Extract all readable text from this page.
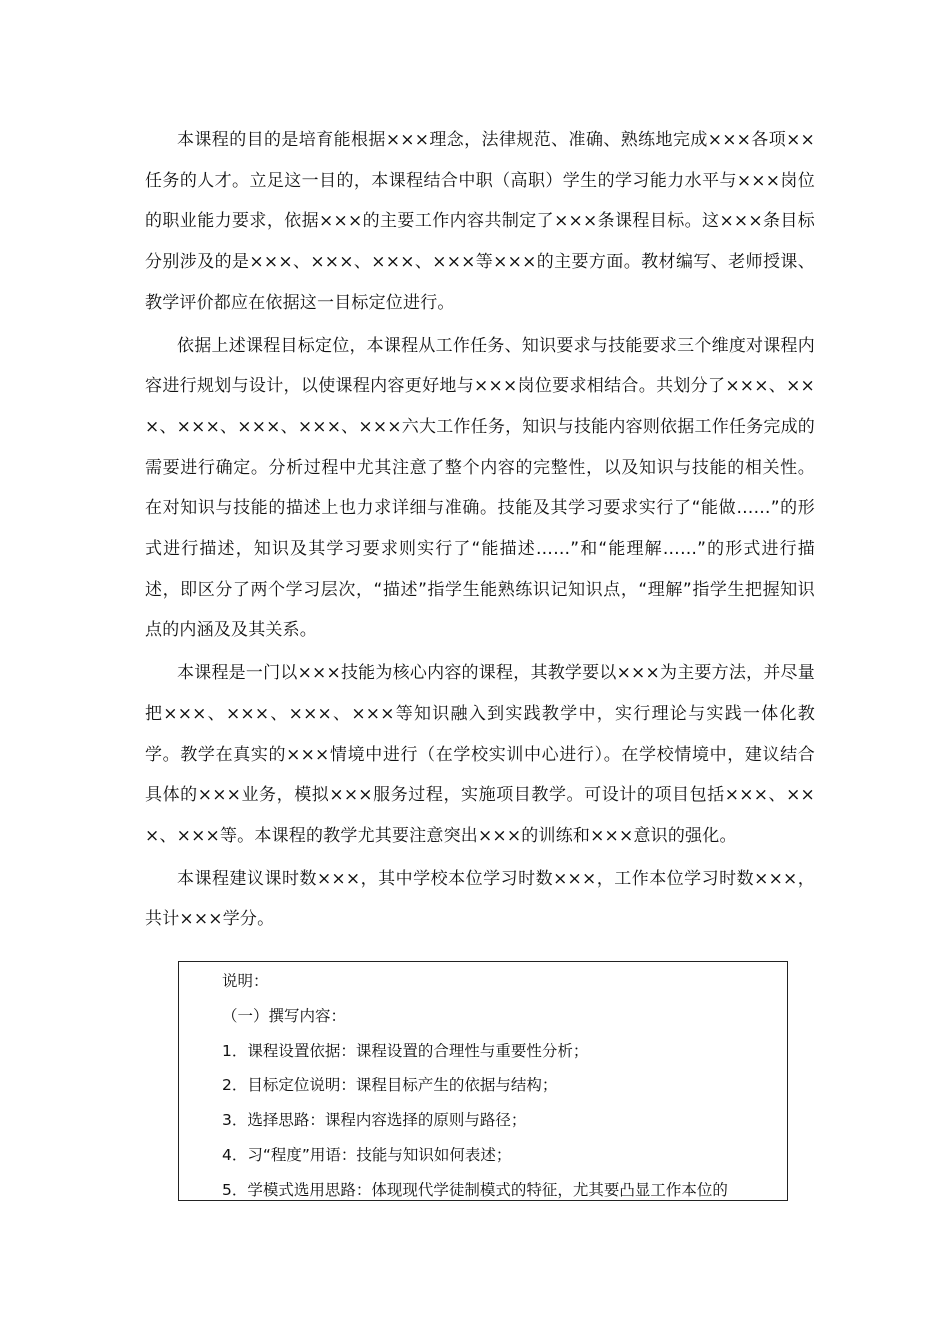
本课程的目的是培育能根据×××理念，法律规范、准确、熟练地完成×××各项××任务的人才。立足这一目的，本课程结合中职（高职）学生的学习能力水平与×××岗位的职业能力要求，依据×××的主要工作内容共制定了×××条课程目标。这×××条目标分别涉及的是×××、×××、×××、×××等×××的主要方面。教材编写、老师授课、教学评价都应在依据这一目标定位进行。

依据上述课程目标定位，本课程从工作任务、知识要求与技能要求三个维度对课程内容进行规划与设计，以使课程内容更好地与×××岗位要求相结合。共划分了×××、×××、×××、×××、×××、×××六大工作任务，知识与技能内容则依据工作任务完成的需要进行确定。分析过程中尤其注意了整个内容的完整性，以及知识与技能的相关性。在对知识与技能的描述上也力求详细与准确。技能及其学习要求实行了“能做……”的形式进行描述，知识及其学习要求则实行了“能描述……”和“能理解……”的形式进行描述，即区分了两个学习层次，“描述”指学生能熟练识记知识点，“理解”指学生把握知识点的内涵及及其关系。

本课程是一门以×××技能为核心内容的课程，其教学要以×××为主要方法，并尽量把×××、×××、×××、×××等知识融入到实践教学中，实行理论与实践一体化教学。教学在真实的×××情境中进行（在学校实训中心进行）。在学校情境中，建议结合具体的×××业务，模拟×××服务过程，实施项目教学。可设计的项目包括×××、×××、×××等。本课程的教学尤其要注意突出×××的训练和×××意识的强化。

本课程建议课时数×××，其中学校本位学习时数×××，工作本位学习时数×××，共计×××学分。

说明：
（一）撰写内容：
1．课程设置依据：课程设置的合理性与重要性分析；
2．目标定位说明：课程目标产生的依据与结构；
3．选择思路：课程内容选择的原则与路径；
4．习“程度”用语：技能与知识如何表述；
5．学模式选用思路：体现现代学徒制模式的特征，尤其要凸显工作本位的
